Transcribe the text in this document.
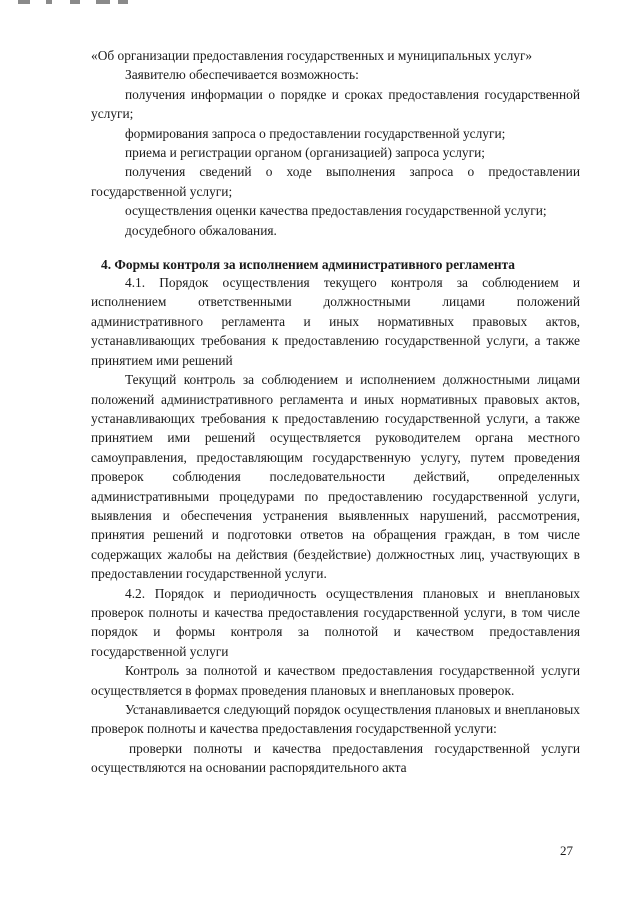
«Об организации предоставления государственных и муниципальных услуг»

Заявителю обеспечивается возможность:

получения информации о порядке и сроках предоставления государственной услуги;

формирования запроса о предоставлении государственной услуги;

приема и регистрации органом (организацией) запроса услуги;

получения сведений о ходе выполнения запроса о предоставлении государственной услуги;

осуществления оценки качества предоставления государственной услуги;

досудебного обжалования.

4. Формы контроля за исполнением административного регламента

4.1. Порядок осуществления текущего контроля за соблюдением и исполнением ответственными должностными лицами положений административного регламента и иных нормативных правовых актов, устанавливающих требования к предоставлению государственной услуги, а также принятием ими решений

Текущий контроль за соблюдением и исполнением должностными лицами положений административного регламента и иных нормативных правовых актов, устанавливающих требования к предоставлению государственной услуги, а также принятием ими решений осуществляется руководителем органа местного самоуправления, предоставляющим государственную услугу, путем проведения проверок соблюдения последовательности действий, определенных административными процедурами по предоставлению государственной услуги, выявления и обеспечения устранения выявленных нарушений, рассмотрения, принятия решений и подготовки ответов на обращения граждан, в том числе содержащих жалобы на действия (бездействие) должностных лиц, участвующих в предоставлении государственной услуги.

4.2. Порядок и периодичность осуществления плановых и внеплановых проверок полноты и качества предоставления государственной услуги, в том числе порядок и формы контроля за полнотой и качеством предоставления государственной услуги

Контроль за полнотой и качеством предоставления государственной услуги осуществляется в формах проведения плановых и внеплановых проверок.

Устанавливается следующий порядок осуществления плановых и внеплановых проверок полноты и качества предоставления государственной услуги:

проверки полноты и качества предоставления государственной услуги осуществляются на основании распорядительного акта

27
